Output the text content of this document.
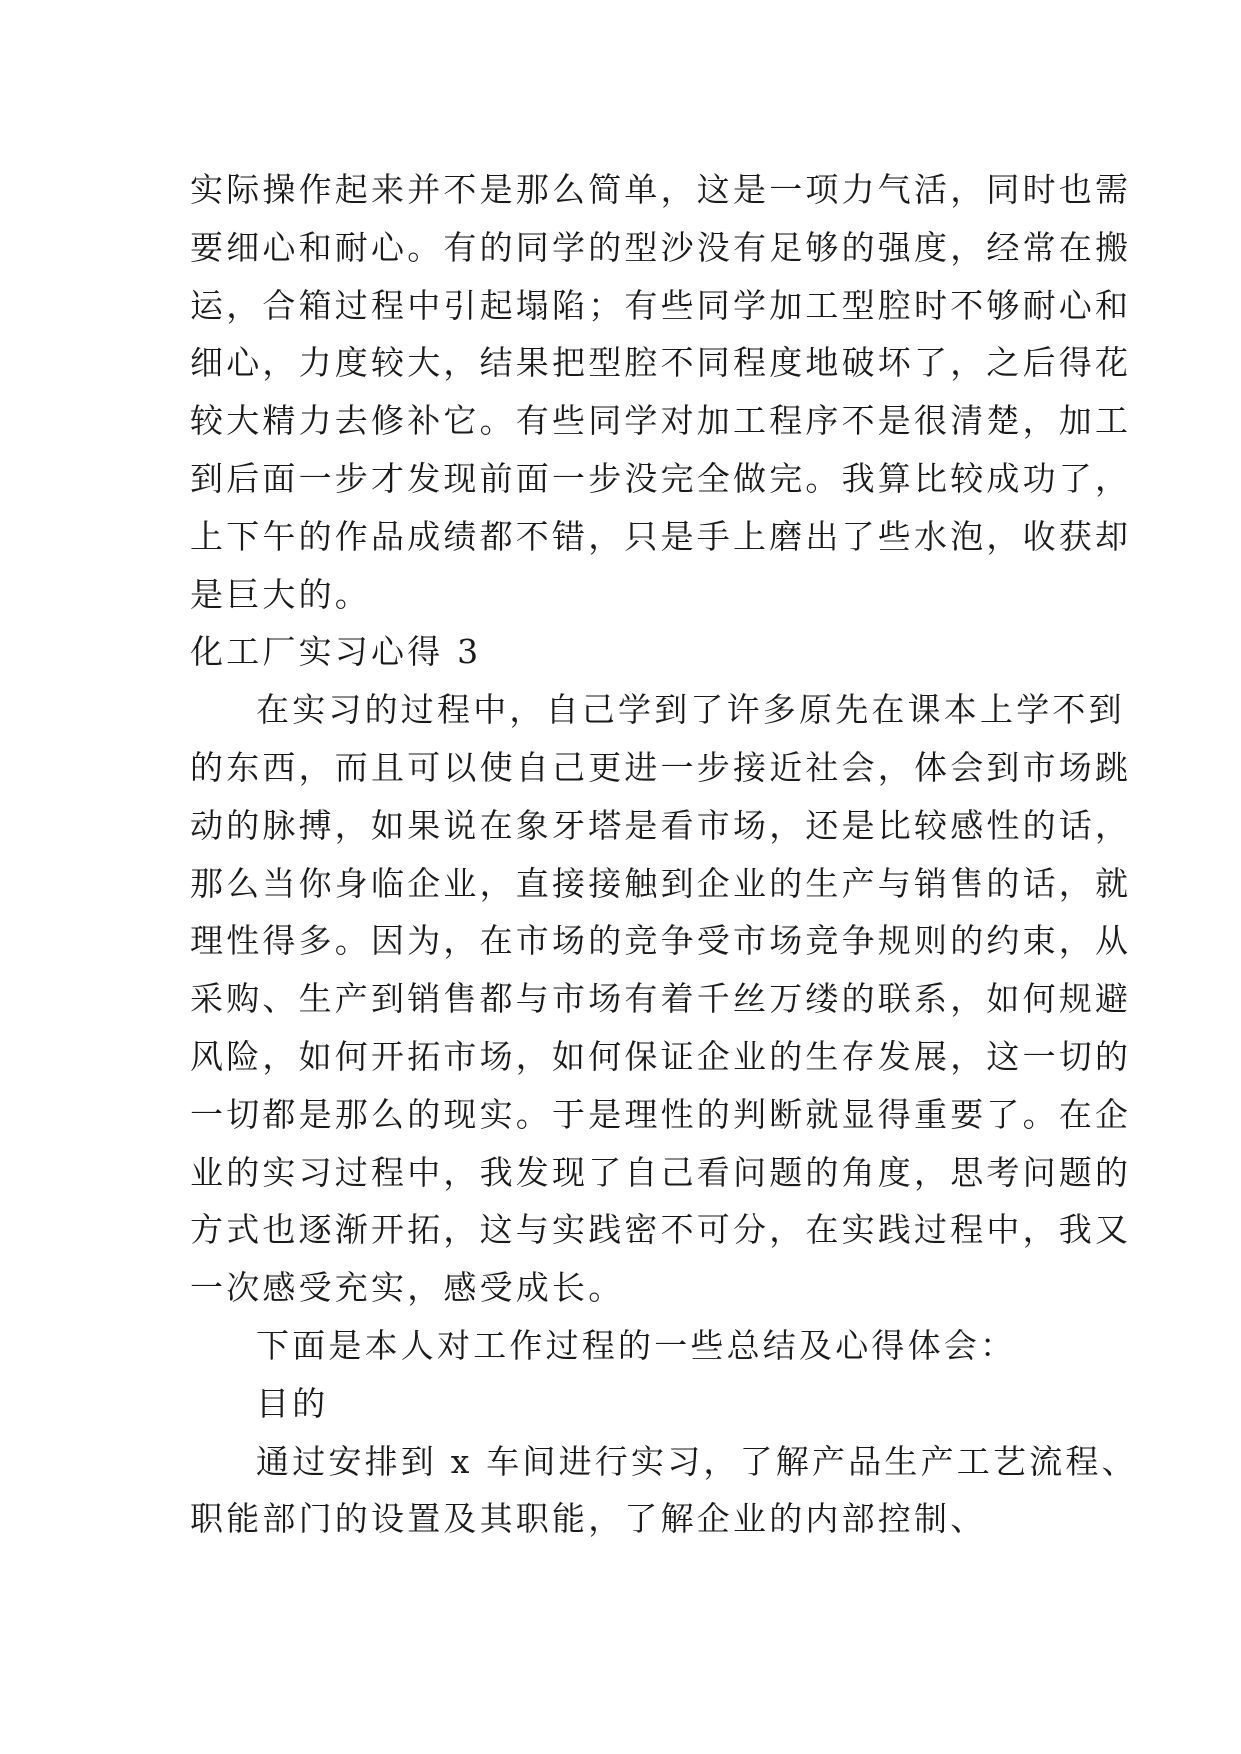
实际操作起来并不是那么简单，这是一项力气活，同时也需
要细心和耐心。有的同学的型沙没有足够的强度，经常在搬
运，合箱过程中引起塌陷；有些同学加工型腔时不够耐心和
细心，力度较大，结果把型腔不同程度地破坏了，之后得花
较大精力去修补它。有些同学对加工程序不是很清楚，加工
到后面一步才发现前面一步没完全做完。我算比较成功了，
上下午的作品成绩都不错，只是手上磨出了些水泡，收获却
是巨大的。
化工厂实习心得 3
在实习的过程中，自己学到了许多原先在课本上学不到
的东西，而且可以使自己更进一步接近社会，体会到市场跳
动的脉搏，如果说在象牙塔是看市场，还是比较感性的话，
那么当你身临企业，直接接触到企业的生产与销售的话，就
理性得多。因为，在市场的竞争受市场竞争规则的约束，从
采购、生产到销售都与市场有着千丝万缕的联系，如何规避
风险，如何开拓市场，如何保证企业的生存发展，这一切的
一切都是那么的现实。于是理性的判断就显得重要了。在企
业的实习过程中，我发现了自己看问题的角度，思考问题的
方式也逐渐开拓，这与实践密不可分，在实践过程中，我又
一次感受充实，感受成长。
下面是本人对工作过程的一些总结及心得体会：
目的
通过安排到 x 车间进行实习，了解产品生产工艺流程、
职能部门的设置及其职能，了解企业的内部控制、
